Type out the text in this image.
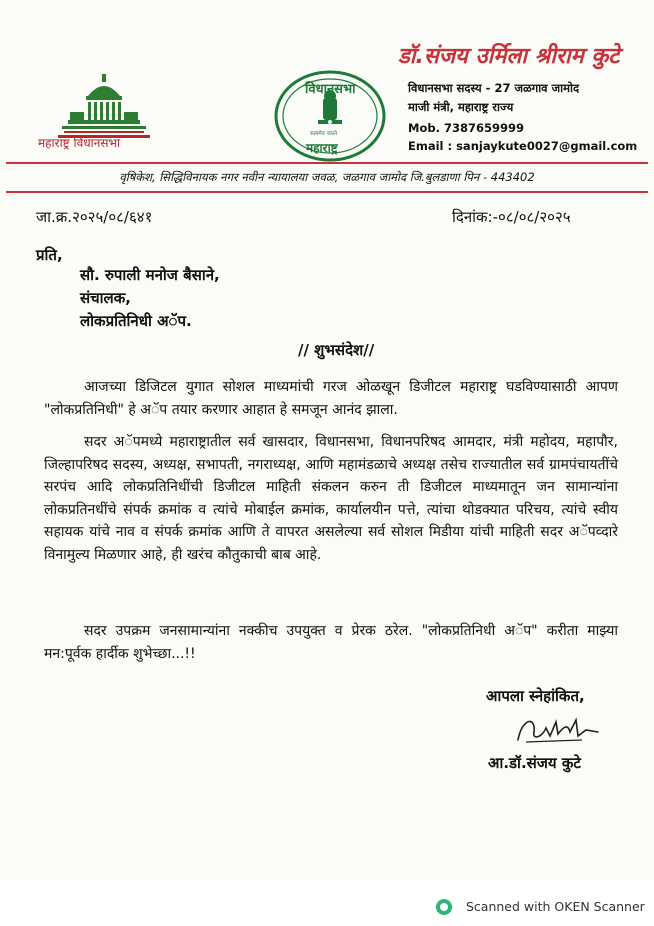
महाराष्ट्र विधानसभा
विधानसभा
सत्यमेव जयते
महाराष्ट्र
डॉ.संजय उर्मिला श्रीराम कुटे
विधानसभा सदस्य - 27 जळगाव जामोद
माजी मंत्री, महाराष्ट्र राज्य
Mob. 7387659999
Email : sanjaykute0027@gmail.com
वृषिकेश, सिद्धिविनायक नगर नवीन न्यायालया जवळ, जळगाव जामोद जि.बुलडाणा पिन - 443402
जा.क्र.२०२५/०८/६४१	दिनांक:-०८/०८/२०२५
प्रति,
सौ. रुपाली मनोज बैसाने,
संचालक,
लोकप्रतिनिधी अॅप.
// शुभसंदेश//
आजच्या डिजिटल युगात सोशल माध्यमांची गरज ओळखून डिजीटल महाराष्ट्र घडविण्यासाठी आपण "लोकप्रतिनिधी" हे अॅप तयार करणार आहात हे समजून आनंद झाला.
सदर अॅपमध्ये महाराष्ट्रातील सर्व खासदार, विधानसभा, विधानपरिषद आमदार, मंत्री महोदय, महापौर, जिल्हापरिषद सदस्य, अध्यक्ष, सभापती, नगराध्यक्ष, आणि महामंडळाचे अध्यक्ष तसेच राज्यातील सर्व ग्रामपंचायतींचे सरपंच आदि लोकप्रतिनिधींची डिजीटल माहिती संकलन करुन ती डिजीटल माध्यमातून जन सामान्यांना लोकप्रतिनधींचे संपर्क क्रमांक व त्यांचे मोबाईल क्रमांक, कार्यालयीन पत्ते, त्यांचा थोडक्यात परिचय, त्यांचे स्वीय सहायक यांचे नाव व संपर्क क्रमांक आणि ते वापरत असलेल्या सर्व सोशल मिडीया यांची माहिती सदर अॅपव्दारे विनामुल्य मिळणार आहे, ही खरंच कौतुकाची बाब आहे.
सदर उपक्रम जनसामान्यांना नक्कीच उपयुक्त व प्रेरक ठरेल. "लोकप्रतिनिधी अॅप" करीता माझ्या मन:पूर्वक हार्दीक शुभेच्छा...!!
आपला स्नेहांकित,
आ.डॉ.संजय कुटे
Scanned with OKEN Scanner
